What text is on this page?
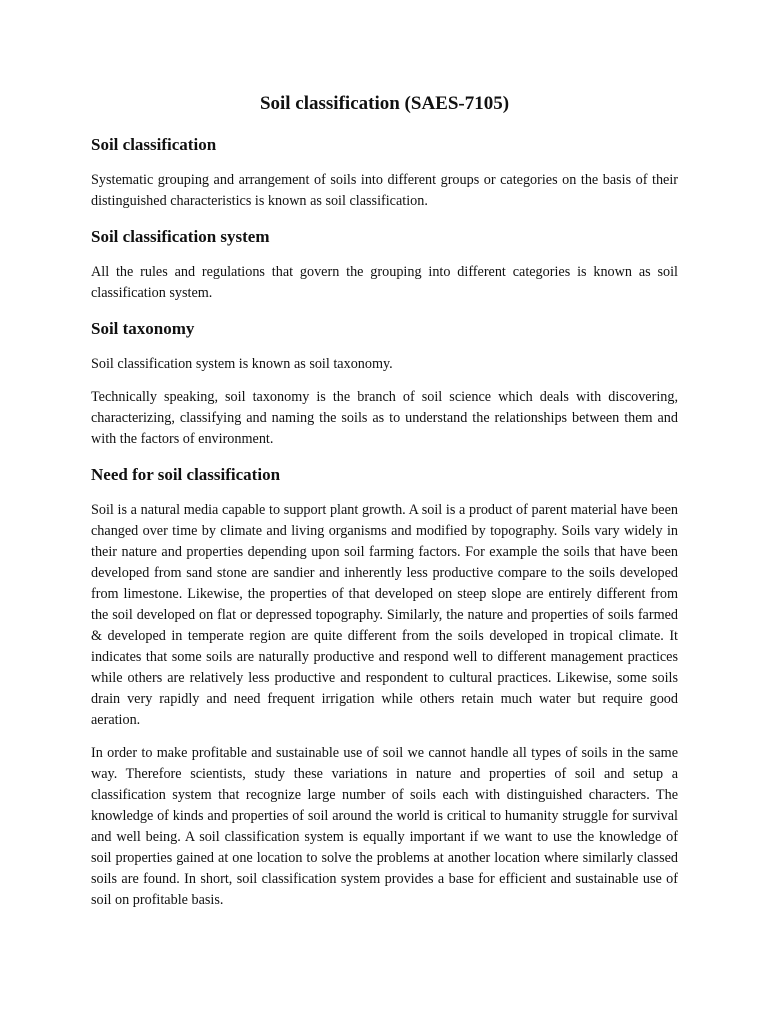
Soil classification (SAES-7105)
Soil classification

Systematic grouping and arrangement of soils into different groups or categories on the basis of their distinguished characteristics is known as soil classification.

Soil classification system

All the rules and regulations that govern the grouping into different categories is known as soil classification system.

Soil taxonomy

Soil classification system is known as soil taxonomy.

Technically speaking, soil taxonomy is the branch of soil science which deals with discovering, characterizing, classifying and naming the soils as to understand the relationships between them and with the factors of environment.

Need for soil classification

Soil is a natural media capable to support plant growth. A soil is a product of parent material have been changed over time by climate and living organisms and modified by topography. Soils vary widely in their nature and properties depending upon soil farming factors. For example the soils that have been developed from sand stone are sandier and inherently less productive compare to the soils developed from limestone. Likewise, the properties of that developed on steep slope are entirely different from the soil developed on flat or depressed topography. Similarly, the nature and properties of soils farmed & developed in temperate region are quite different from the soils developed in tropical climate. It indicates that some soils are naturally productive and respond well to different management practices while others are relatively less productive and respondent to cultural practices. Likewise, some soils drain very rapidly and need frequent irrigation while others retain much water but require good aeration.

In order to make profitable and sustainable use of soil we cannot handle all types of soils in the same way. Therefore scientists, study these variations in nature and properties of soil and setup a classification system that recognize large number of soils each with distinguished characters. The knowledge of kinds and properties of soil around the world is critical to humanity struggle for survival and well being. A soil classification system is equally important if we want to use the knowledge of soil properties gained at one location to solve the problems at another location where similarly classed soils are found. In short, soil classification system provides a base for efficient and sustainable use of soil on profitable basis.
